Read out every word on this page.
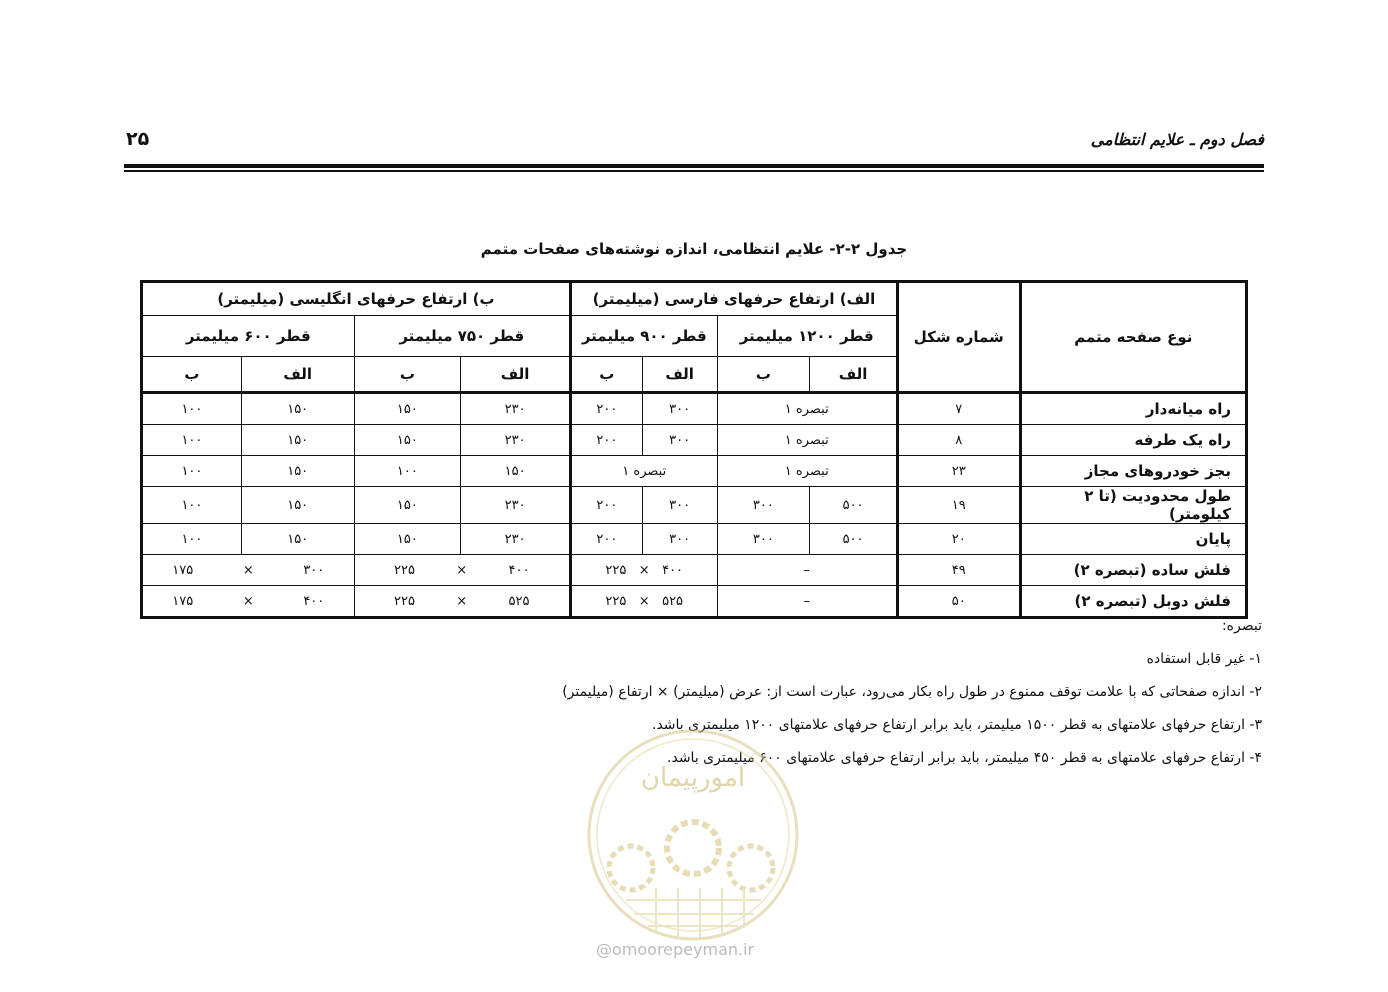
۲۵	فصل دوم ـ علایم انتظامی
جدول ۲-۲- علایم انتظامی، اندازه نوشته‌های صفحات متمم
نوع صفحه متمم	شماره شکل	الف) ارتفاع حرفهای فارسی (میلیمتر)				ب) ارتفاع حرفهای انگلیسی (میلیمتر)			
		قطر ۱۲۰۰ میلیمتر		قطر ۹۰۰ میلیمتر		قطر ۷۵۰ میلیمتر		قطر ۶۰۰ میلیمتر	
		الف	ب	الف	ب	الف	ب	الف	ب
راه میانه‌دار	۷	تبصره ۱		۳۰۰	۲۰۰	۲۳۰	۱۵۰	۱۵۰	۱۰۰
راه یک طرفه	۸	تبصره ۱		۳۰۰	۲۰۰	۲۳۰	۱۵۰	۱۵۰	۱۰۰
بجز خودروهای مجاز	۲۳	تبصره ۱		تبصره ۱		۱۵۰	۱۰۰	۱۵۰	۱۰۰
طول محدودیت (تا ۲ کیلومتر)	۱۹	۵۰۰	۳۰۰	۳۰۰	۲۰۰	۲۳۰	۱۵۰	۱۵۰	۱۰۰
پایان	۲۰	۵۰۰	۳۰۰	۳۰۰	۲۰۰	۲۳۰	۱۵۰	۱۵۰	۱۰۰
فلش ساده (تبصره ۲)	۴۹	–		۴۰۰   ×   ۲۲۵		۴۰۰          ×          ۲۲۵		۳۰۰            ×            ۱۷۵	
فلش دوبل (تبصره ۲)	۵۰	–		۵۲۵   ×   ۲۲۵		۵۲۵          ×          ۲۲۵		۴۰۰            ×            ۱۷۵	
تبصره:
۱- غیر قابل استفاده
۲- اندازه صفحاتی که با علامت توقف ممنوع در طول راه بکار می‌رود، عبارت است از: عرض (میلیمتر) × ارتفاع (میلیمتر)
۳- ارتفاع حرفهای علامتهای به قطر ۱۵۰۰ میلیمتر، باید برابر ارتفاع حرفهای علامتهای ۱۲۰۰ میلیمتری باشد.
۴- ارتفاع حرفهای علامتهای به قطر ۴۵۰ میلیمتر، باید برابر ارتفاع حرفهای علامتهای ۶۰۰ میلیمتری باشد.
امورپیمان
@omoorepeyman.ir
